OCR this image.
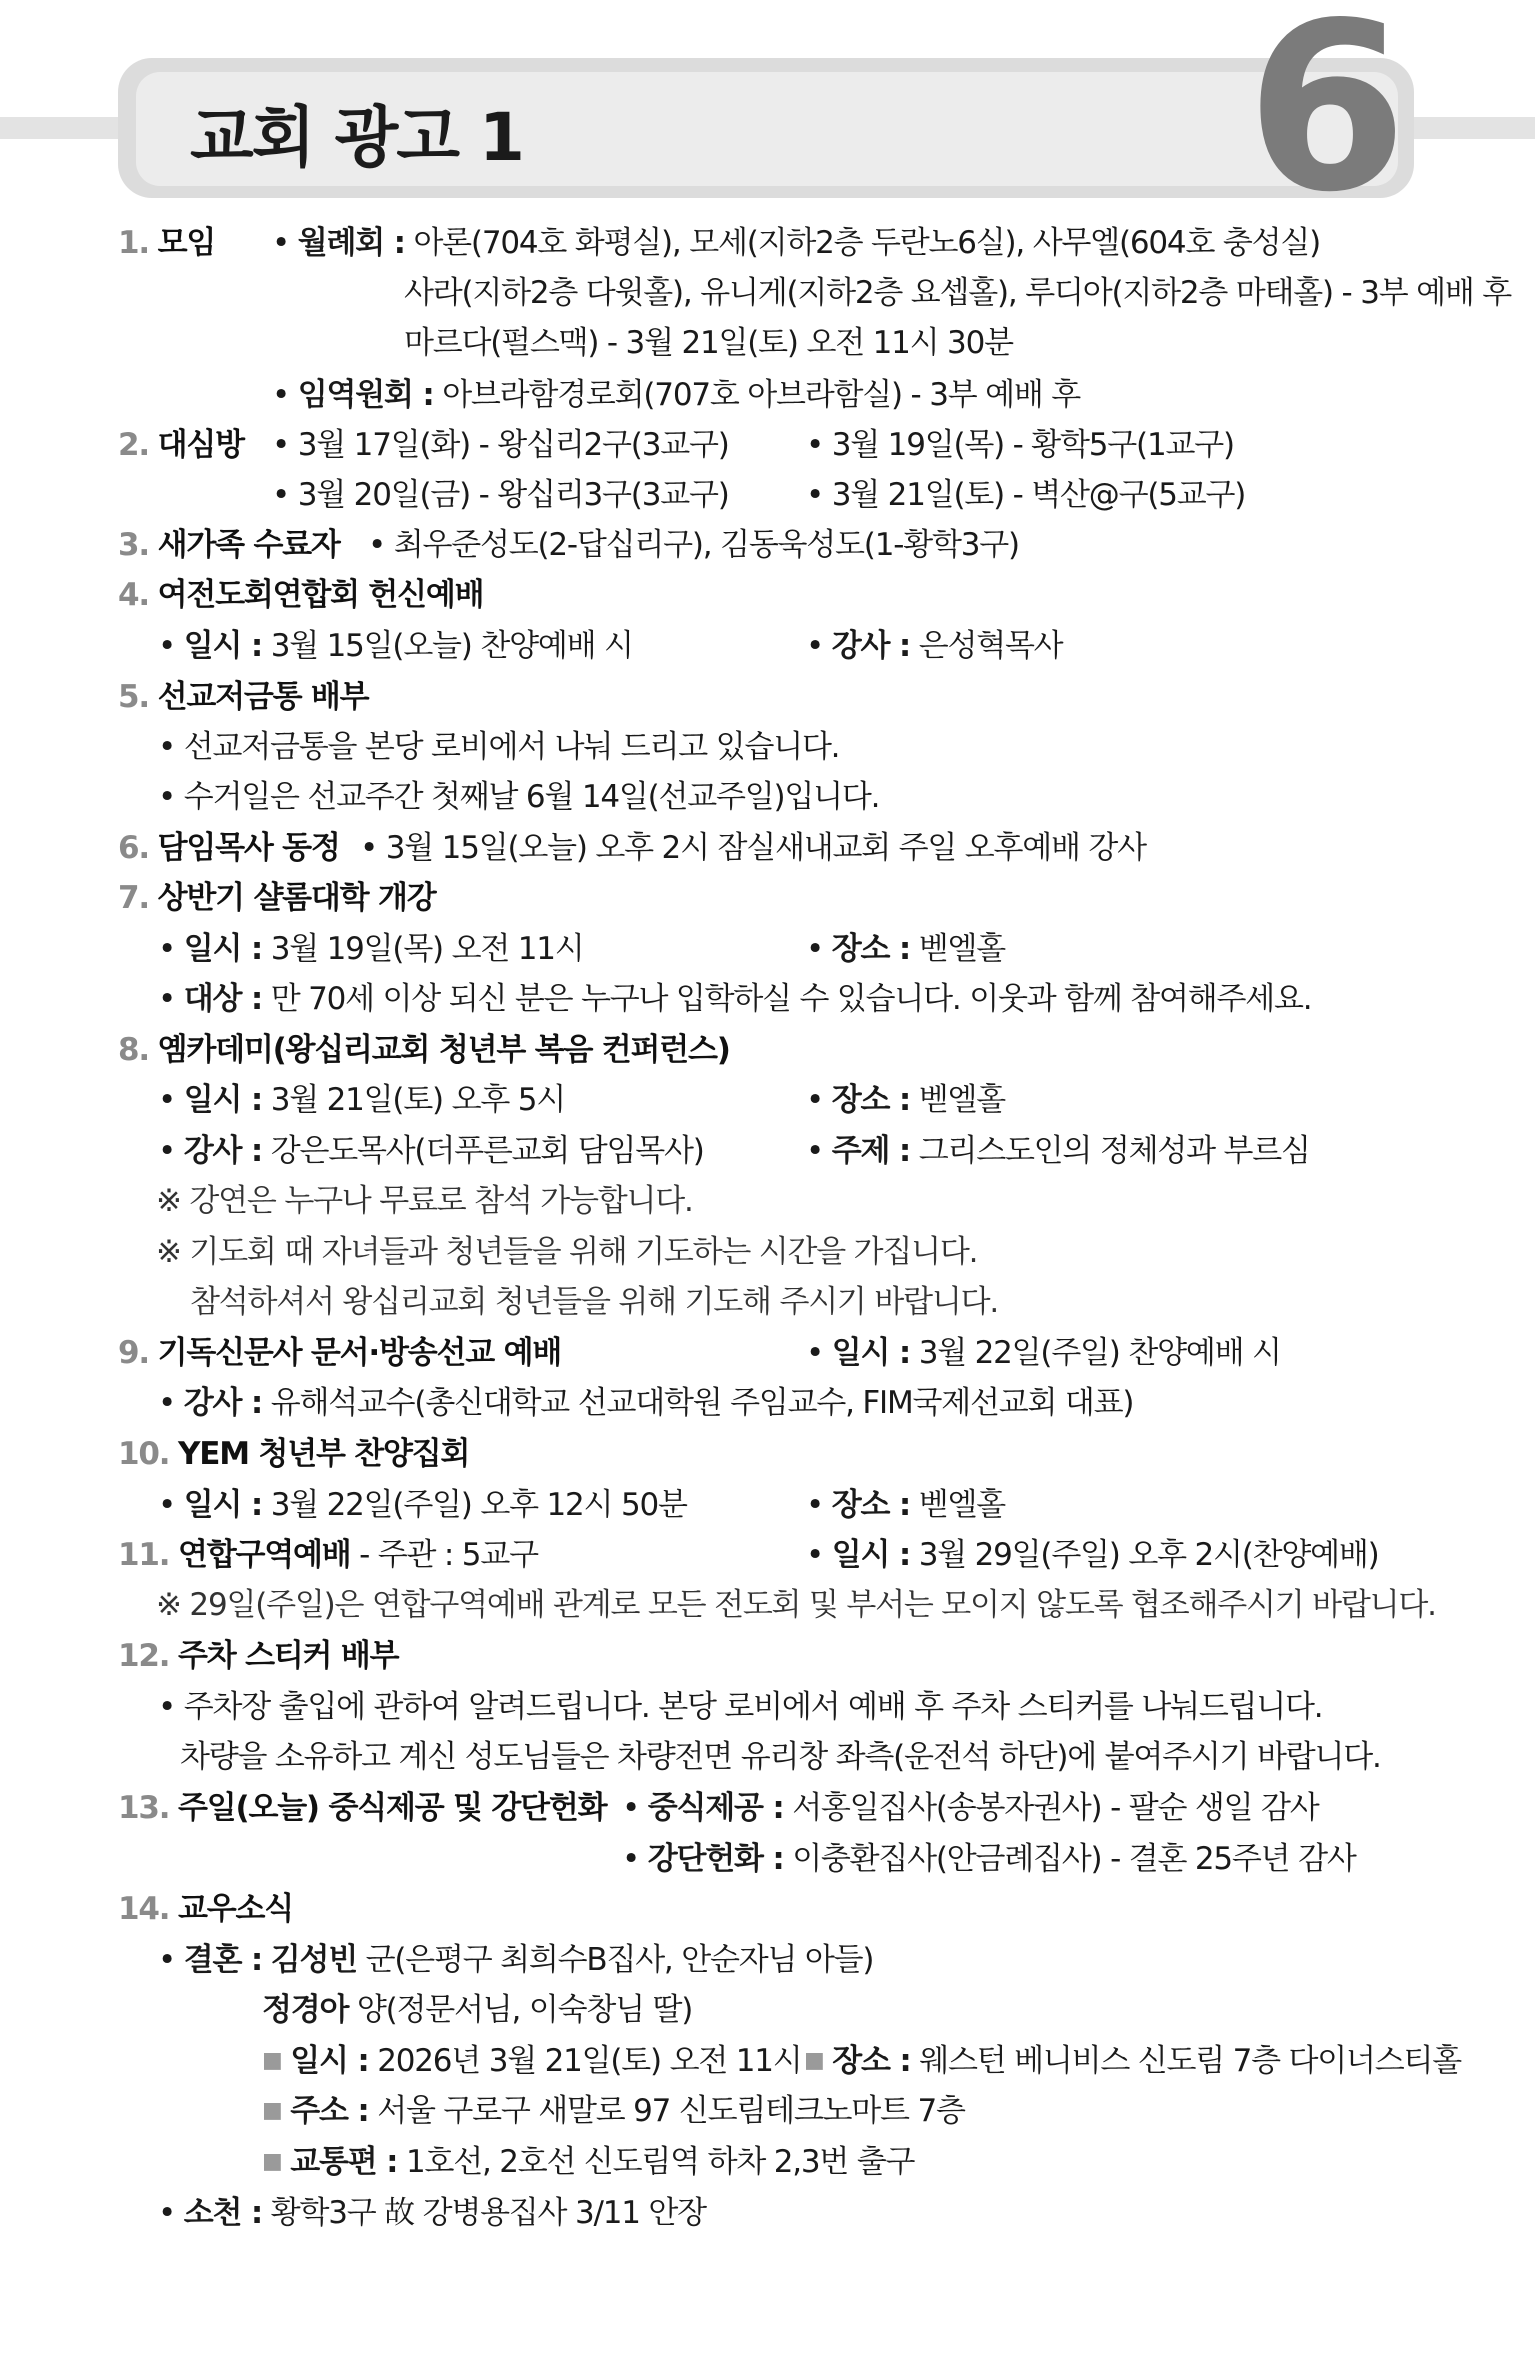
교회 광고 1	6
1. 모임 • 월례회 : 아론(704호 화평실), 모세(지하2층 두란노6실), 사무엘(604호 충성실)
사라(지하2층 다윗홀), 유니게(지하2층 요셉홀), 루디아(지하2층 마태홀) - 3부 예배 후
마르다(펄스맥) - 3월 21일(토) 오전 11시 30분
• 임역원회 : 아브라함경로회(707호 아브라함실) - 3부 예배 후
2. 대심방 • 3월 17일(화) - 왕십리2구(3교구) • 3월 19일(목) - 황학5구(1교구)
• 3월 20일(금) - 왕십리3구(3교구) • 3월 21일(토) - 벽산@구(5교구)
3. 새가족 수료자 • 최우준성도(2-답십리구), 김동욱성도(1-황학3구)
4. 여전도회연합회 헌신예배
• 일시 : 3월 15일(오늘) 찬양예배 시	• 강사 : 은성혁목사
5. 선교저금통 배부
• 선교저금통을 본당 로비에서 나눠 드리고 있습니다.
• 수거일은 선교주간 첫째날 6월 14일(선교주일)입니다.
6. 담임목사 동정 • 3월 15일(오늘) 오후 2시 잠실새내교회 주일 오후예배 강사
7. 상반기 샬롬대학 개강
• 일시 : 3월 19일(목) 오전 11시	• 장소 : 벧엘홀
• 대상 : 만 70세 이상 되신 분은 누구나 입학하실 수 있습니다. 이웃과 함께 참여해주세요.
8. 옘카데미(왕십리교회 청년부 복음 컨퍼런스)
• 일시 : 3월 21일(토) 오후 5시	• 장소 : 벧엘홀
• 강사 : 강은도목사(더푸른교회 담임목사)	• 주제 : 그리스도인의 정체성과 부르심
※ 강연은 누구나 무료로 참석 가능합니다.
※ 기도회 때 자녀들과 청년들을 위해 기도하는 시간을 가집니다.
참석하셔서 왕십리교회 청년들을 위해 기도해 주시기 바랍니다.
9. 기독신문사 문서·방송선교 예배	• 일시 : 3월 22일(주일) 찬양예배 시
• 강사 : 유해석교수(총신대학교 선교대학원 주임교수, FIM국제선교회 대표)
10. YEM 청년부 찬양집회
• 일시 : 3월 22일(주일) 오후 12시 50분	• 장소 : 벧엘홀
11. 연합구역예배 - 주관 : 5교구	• 일시 : 3월 29일(주일) 오후 2시(찬양예배)
※ 29일(주일)은 연합구역예배 관계로 모든 전도회 및 부서는 모이지 않도록 협조해주시기 바랍니다.
12. 주차 스티커 배부
• 주차장 출입에 관하여 알려드립니다. 본당 로비에서 예배 후 주차 스티커를 나눠드립니다.
차량을 소유하고 계신 성도님들은 차량전면 유리창 좌측(운전석 하단)에 붙여주시기 바랍니다.
13. 주일(오늘) 중식제공 및 강단헌화 • 중식제공 : 서홍일집사(송봉자권사) - 팔순 생일 감사
• 강단헌화 : 이충환집사(안금례집사) - 결혼 25주년 감사
14. 교우소식
• 결혼 : 김성빈 군(은평구 최희수B집사, 안순자님 아들)
정경아 양(정문서님, 이숙창님 딸)
■ 일시 : 2026년 3월 21일(토) 오전 11시 ■ 장소 : 웨스턴 베니비스 신도림 7층 다이너스티홀
■ 주소 : 서울 구로구 새말로 97 신도림테크노마트 7층
■ 교통편 : 1호선, 2호선 신도림역 하차 2,3번 출구
• 소천 : 황학3구 故 강병용집사 3/11 안장
